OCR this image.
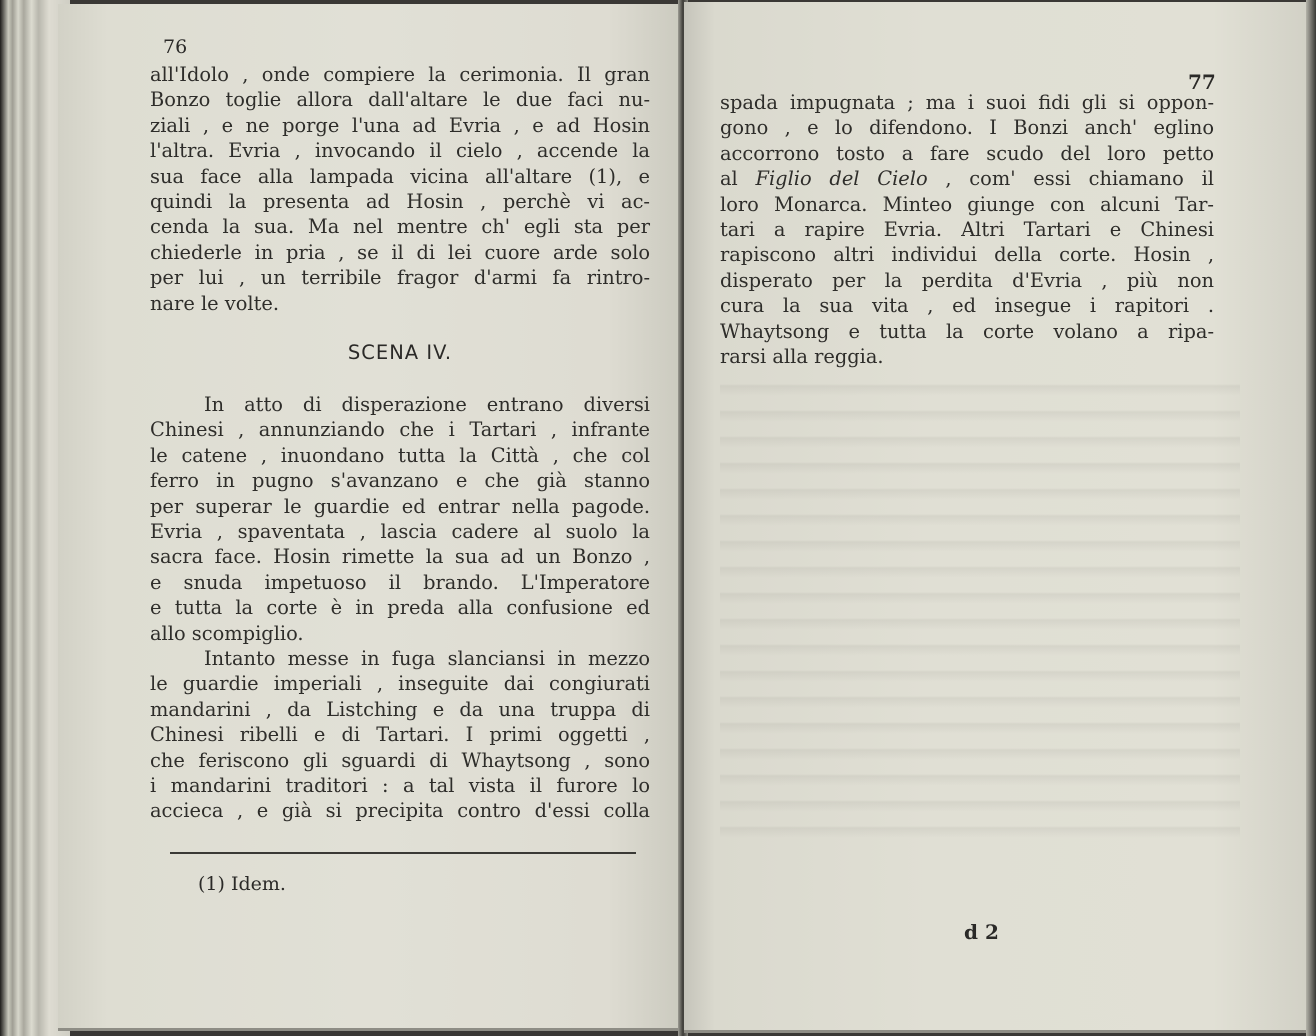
76
77
all'Idolo , onde compiere la cerimonia. Il gran
Bonzo toglie allora dall'altare le due faci nu-
ziali , e ne porge l'una ad Evria , e ad Hosin
l'altra. Evria , invocando il cielo , accende la
sua face alla lampada vicina all'altare (1), e
quindi la presenta ad Hosin , perchè vi ac-
cenda la sua. Ma nel mentre ch' egli sta per
chiederle in pria , se il di lei cuore arde solo
per lui , un terribile fragor d'armi fa rintro-
nare le volte.
SCENA IV.
In atto di disperazione entrano diversi
Chinesi , annunziando che i Tartari , infrante
le catene , inuondano tutta la Città , che col
ferro in pugno s'avanzano e che già stanno
per superar le guardie ed entrar nella pagode.
Evria , spaventata , lascia cadere al suolo la
sacra face. Hosin rimette la sua ad un Bonzo ,
e snuda impetuoso il brando. L'Imperatore
e tutta la corte è in preda alla confusione ed
allo scompiglio.
Intanto messe in fuga slanciansi in mezzo
le guardie imperiali , inseguite dai congiurati
mandarini , da Listching e da una truppa di
Chinesi ribelli e di Tartari. I primi oggetti ,
che feriscono gli sguardi di Whaytsong , sono
i mandarini traditori : a tal vista il furore lo
accieca , e già si precipita contro d'essi colla
(1) Idem.
spada impugnata ; ma i suoi fidi gli si oppon-
gono , e lo difendono. I Bonzi anch' eglino
accorrono tosto a fare scudo del loro petto
al Figlio del Cielo , com' essi chiamano il
loro Monarca. Minteo giunge con alcuni Tar-
tari a rapire Evria. Altri Tartari e Chinesi
rapiscono altri individui della corte. Hosin ,
disperato per la perdita d'Evria , più non
cura la sua vita , ed insegue i rapitori .
Whaytsong e tutta la corte volano a ripa-
rarsi alla reggia.
d 2
